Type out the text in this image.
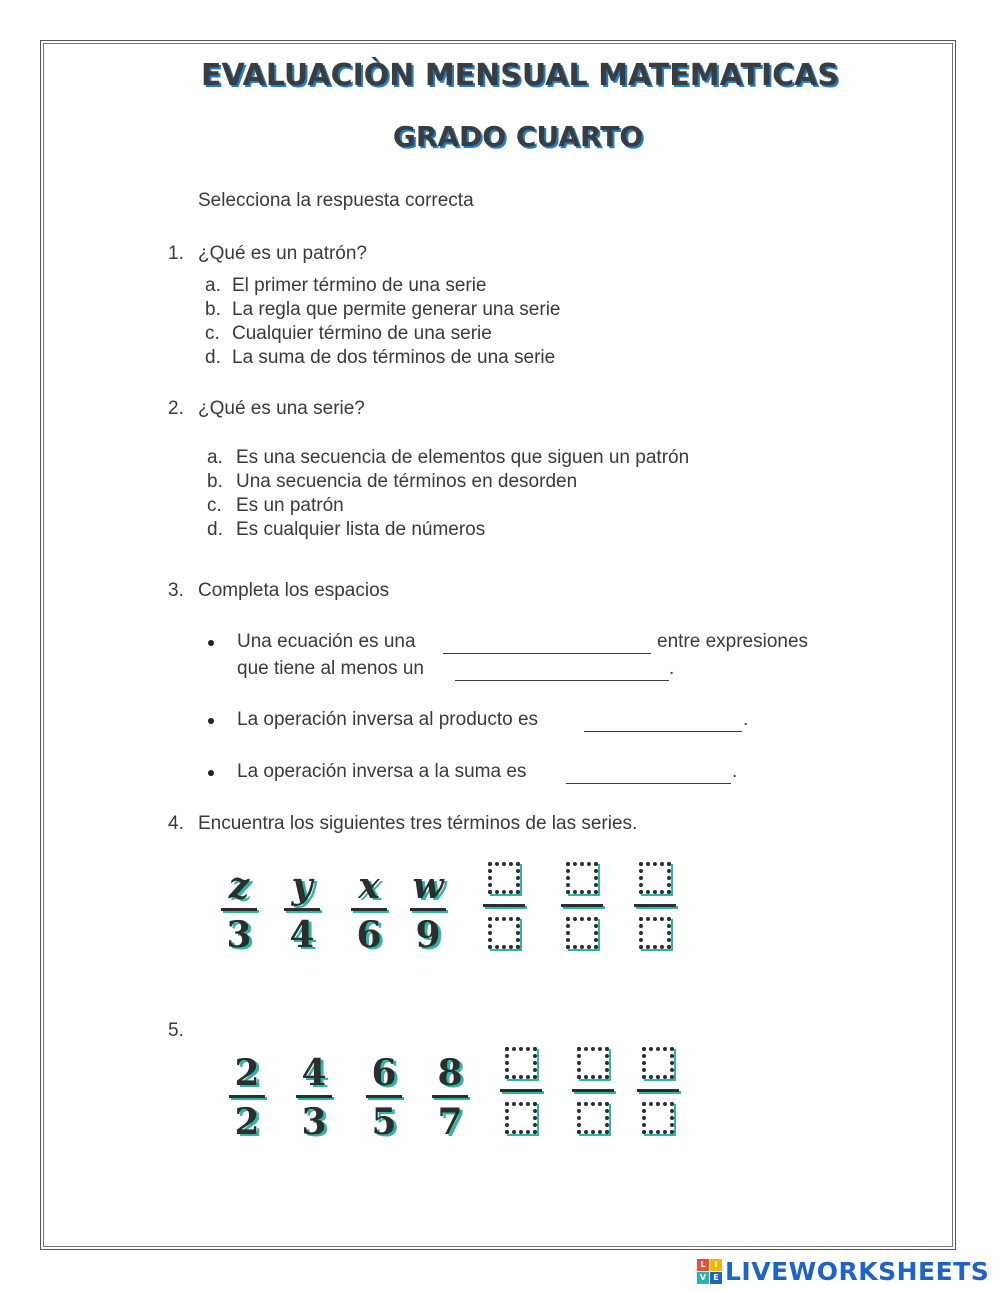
EVALUACIÒN MENSUAL MATEMATICAS
GRADO CUARTO
Selecciona la respuesta correcta
1. ¿Qué es un patrón?
a. El primer término de una serie
b. La regla que permite generar una serie
c. Cualquier término de una serie
d. La suma de dos términos de una serie
2. ¿Qué es una serie?
a. Es una secuencia de elementos que siguen un patrón
b. Una secuencia de términos en desorden
c. Es un patrón
d. Es cualquier lista de números
3. Completa los espacios
Una ecuación es una	entre expresiones
que tiene al menos un	.
La operación inversa al producto es	.
La operación inversa a la suma es	.
4. Encuentra los siguientes tres términos de las series.
z
3
y
4
x
6
w
9
5.
2
2
4
3
6
5
8
7
L	I
V E LIVEWORKSHEETS
